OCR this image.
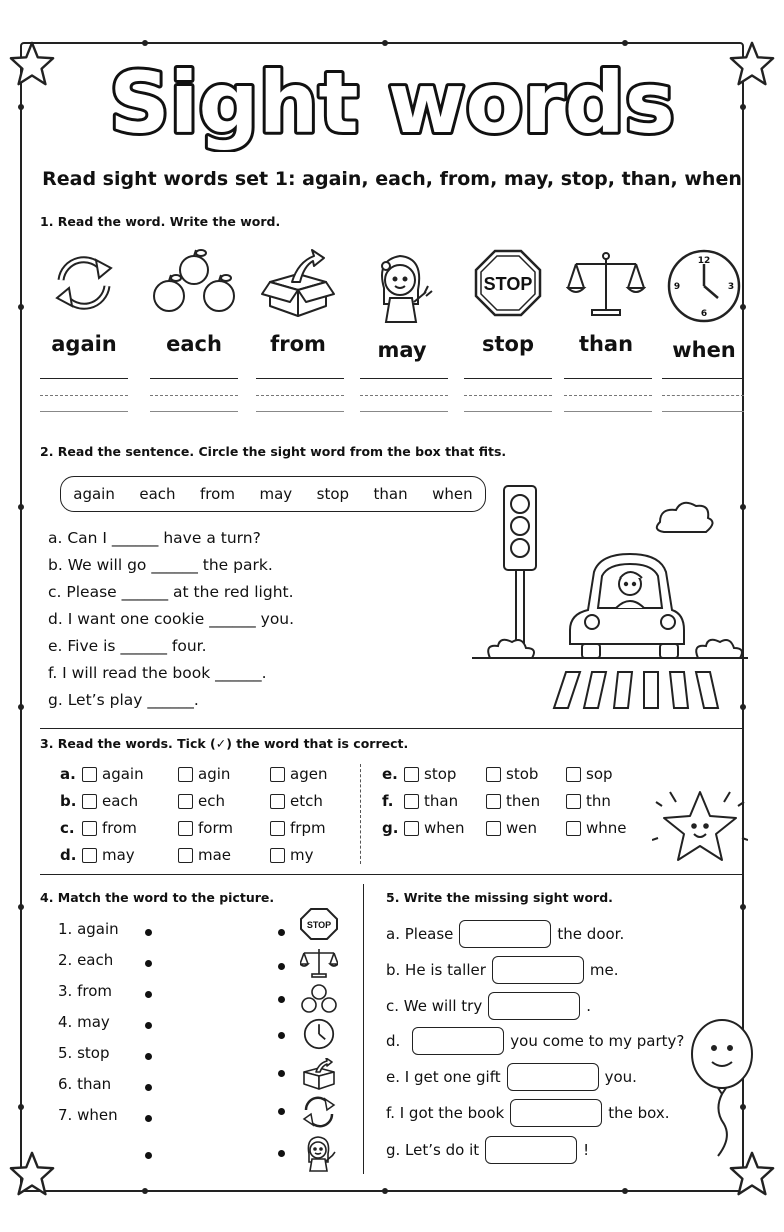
Sight words
Read sight words set 1: again, each, from, may, stop, than, when
1. Read the word. Write the word.
again	each	from	may
STOP
stop	than
12
3
6
9
when
2. Read the sentence. Circle the sight word from the box that fits.
again each from may stop than when
a. Can I ______ have a turn?
b. We will go ______ the park.
c. Please ______ at the red light.
d. I want one cookie ______ you.
e. Five is ______ four.
f. I will read the book ______.
g. Let’s play ______.
3. Read the words. Tick (✓) the word that is correct.
a.	again	agin	agen
b.	each	ech	etch
c.	from	form	frpm
d.	may	mae	my
e.	stop	stob	sop
f.	than	then	thn
g.	when	wen	whne
4. Match the word to the picture.
1. again
2. each
3. from
4. may
5. stop
6. than
7. when
STOP
5. Write the missing sight word.
a. Please	the door.
b. He is taller	me.
c. We will try	.
d.	you come to my party?
e. I get one gift	you.
f. I got the book	the box.
g. Let’s do it	!
